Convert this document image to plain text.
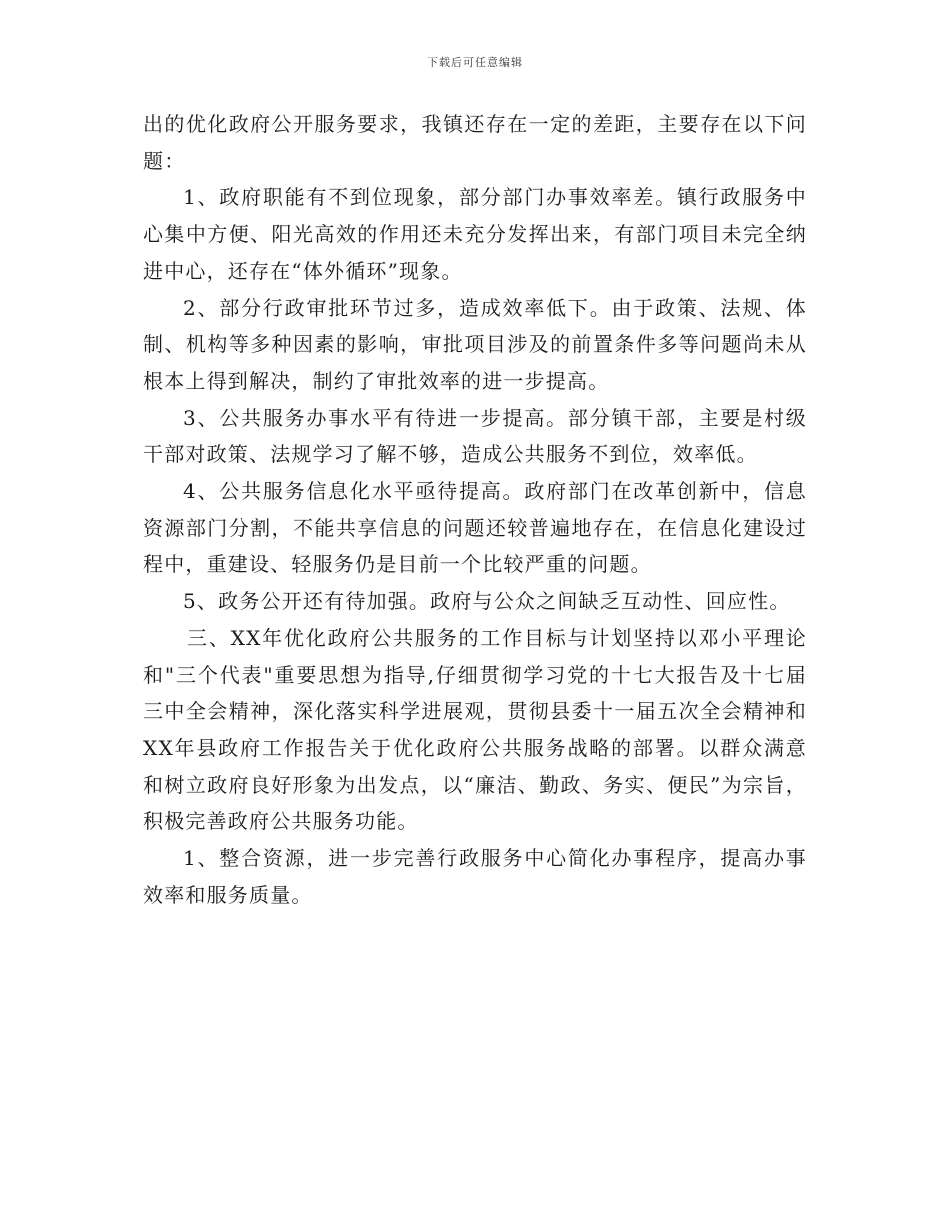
下载后可任意编辑

出的优化政府公开服务要求，我镇还存在一定的差距，主要存在以下问题：

1、政府职能有不到位现象，部分部门办事效率差。镇行政服务中心集中方便、阳光高效的作用还未充分发挥出来，有部门项目未完全纳进中心，还存在“体外循环”现象。

2、部分行政审批环节过多，造成效率低下。由于政策、法规、体制、机构等多种因素的影响，审批项目涉及的前置条件多等问题尚未从根本上得到解决，制约了审批效率的进一步提高。

3、公共服务办事水平有待进一步提高。部分镇干部，主要是村级干部对政策、法规学习了解不够，造成公共服务不到位，效率低。

4、公共服务信息化水平亟待提高。政府部门在改革创新中，信息资源部门分割，不能共享信息的问题还较普遍地存在，在信息化建设过程中，重建设、轻服务仍是目前一个比较严重的问题。

5、政务公开还有待加强。政府与公众之间缺乏互动性、回应性。

三、XX年优化政府公共服务的工作目标与计划坚持以邓小平理论和"三个代表"重要思想为指导,仔细贯彻学习党的十七大报告及十七届三中全会精神，深化落实科学进展观，贯彻县委十一届五次全会精神和XX年县政府工作报告关于优化政府公共服务战略的部署。以群众满意和树立政府良好形象为出发点，以“廉洁、勤政、务实、便民”为宗旨，积极完善政府公共服务功能。

1、整合资源，进一步完善行政服务中心简化办事程序，提高办事效率和服务质量。
